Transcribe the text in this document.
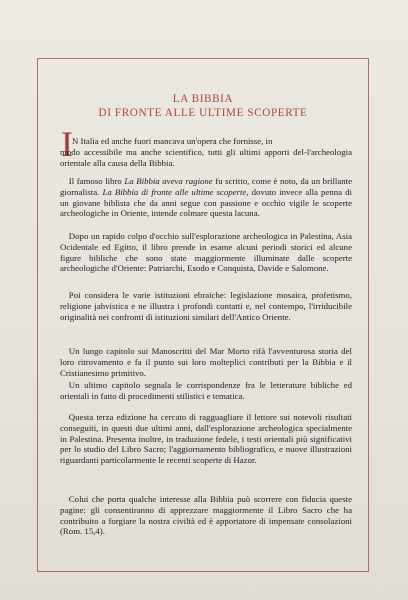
LA BIBBIA
DI FRONTE ALLE ULTIME SCOPERTE
I N Italia ed anche fuori mancava un'opera che fornisse, in
modo accessibile ma anche scientifico, tutti gli ultimi apporti del-l'archeologia orientale alla causa della Bibbia.

 Il famoso libro La Bibbia aveva ragione fu scritto, come è noto, da un brillante giornalista. La Bibbia di fronte alle ultime scoperte, dovuto invece alla penna di un giovane biblista che da anni segue con passione e occhio vigile le scoperte archeologiche in Oriente, intende colmare questa lacuna.

 Dopo un rapido colpo d'occhio sull'esplorazione archeologica in Palestina, Asia Ocidentale ed Egitto, il libro prende in esame alcuni periodi storici ed alcune figure bibliche che sono state maggiormente illuminate dalle scoperte archeologiche d'Oriente: Patriarchi, Esodo e Conquista, Davide e Salomone.

 Poi considera le varie istituzioni ebraiche: legislazione mosaica, profetismo, religione jahvistica e ne illustra i profondi contatti e, nel contempo, l'irriducibile originalità nei confronti di istituzioni similari dell'Antico Oriente.

 Un lungo capitolo sui Manoscritti del Mar Morto rifà l'avventurosa storia del loro ritrovamento e fa il punto sui loro molteplici contributi per la Bibbia e il Cristianesimo primitivo.

 Un ultimo capitolo segnala le corrispondenze fra le letterature bibliche ed orientali in fatto di procedimenti stilistici e tematica.

 Questa terza edizione ha cercato di ragguagliare il lettore sui notevoli risultati conseguiti, in questi due ultimi anni, dall'esplorazione archeologica specialmente in Palestina. Presenta inoltre, in traduzione fedele, i testi orientali più significativi per lo studio del Libro Sacro; l'aggiornamento bibliografico, e nuove illustrazioni riguardanti particolarmente le recenti scoperte di Hazor.

 Colui che porta qualche interesse alla Bibbia può scorrere con fiducia queste pagine: gli consentiranno di apprezzare maggiormente il Libro Sacro che ha contribuito a forgiare la nostra civiltà ed è apportatore di impensate consolazioni (Rom. 15,4).
